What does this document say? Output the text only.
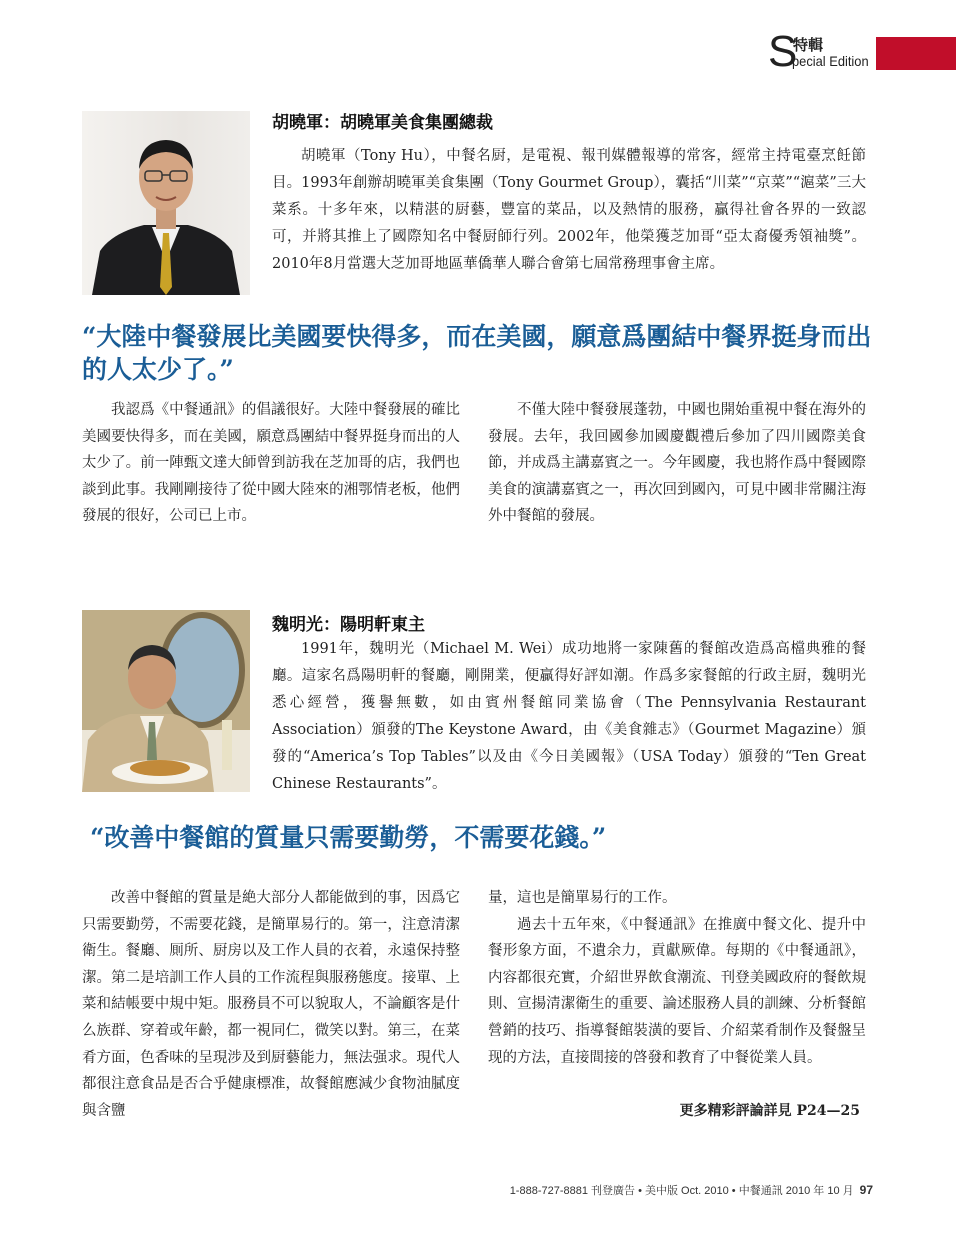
S
特輯
pecial Edition
胡曉軍：胡曉軍美食集團總裁
胡曉軍（Tony Hu），中餐名厨，是電視、報刊媒體報導的常客，經常主持電臺烹飪節目。1993年創辦胡曉軍美食集團（Tony Gourmet Group），囊括“川菜”“京菜”“滬菜”三大菜系。十多年來，以精湛的厨藝，豐富的菜品，以及熱情的服務，贏得社會各界的一致認可，并將其推上了國際知名中餐厨師行列。2002年，他榮獲芝加哥“亞太裔優秀領袖獎”。2010年8月當選大芝加哥地區華僑華人聯合會第七屆常務理事會主席。
“大陸中餐發展比美國要快得多，而在美國，願意爲團結中餐界挺身而出的人太少了。”

我認爲《中餐通訊》的倡議很好。大陸中餐發展的確比美國要快得多，而在美國，願意爲團結中餐界挺身而出的人太少了。前一陣甄文達大師曾到訪我在芝加哥的店，我們也談到此事。我剛剛接待了從中國大陸來的湘鄂情老板，他們發展的很好，公司已上市。

不僅大陸中餐發展蓬勃，中國也開始重視中餐在海外的發展。去年，我回國參加國慶觀禮后參加了四川國際美食節，并成爲主講嘉賓之一。今年國慶，我也將作爲中餐國際美食的演講嘉賓之一，再次回到國內，可見中國非常關注海外中餐館的發展。

魏明光：陽明軒東主
1991年，魏明光（Michael M. Wei）成功地將一家陳舊的餐館改造爲高檔典雅的餐廳。這家名爲陽明軒的餐廳，剛開業，便贏得好評如潮。作爲多家餐館的行政主厨，魏明光悉心經營，獲譽無數，如由賓州餐館同業協會（The Pennsylvania Restaurant Association）頒發的The Keystone Award，由《美食雜志》（Gourmet Magazine）頒發的“America’s Top Tables”以及由《今日美國報》（USA Today）頒發的“Ten Great Chinese Restaurants”。
“改善中餐館的質量只需要勤勞，不需要花錢。”

改善中餐館的質量是絶大部分人都能做到的事，因爲它只需要勤勞，不需要花錢，是簡單易行的。第一，注意清潔衛生。餐廳、厠所、厨房以及工作人員的衣着，永遠保持整潔。第二是培訓工作人員的工作流程與服務態度。接單、上菜和結帳要中規中矩。服務員不可以貌取人，不論顧客是什么族群、穿着或年齡，都一視同仁，微笑以對。第三，在菜肴方面，色香味的呈現涉及到厨藝能力，無法强求。現代人都很注意食品是否合乎健康標准，故餐館應減少食物油膩度與含鹽

量，這也是簡單易行的工作。

過去十五年來，《中餐通訊》在推廣中餐文化、提升中餐形象方面，不遺余力，貢獻厥偉。每期的《中餐通訊》，内容都很充實，介紹世界飲食潮流、刊登美國政府的餐飲規則、宣揚清潔衛生的重要、論述服務人員的訓練、分析餐館營銷的技巧、指導餐館裝潢的要旨、介紹菜肴制作及餐盤呈现的方法，直接間接的啓發和教育了中餐從業人員。

更多精彩評論詳見 P24—25
1-888-727-8881 刊登廣告 • 美中版 Oct. 2010 • 中餐通訊 2010 年 10 月 97
